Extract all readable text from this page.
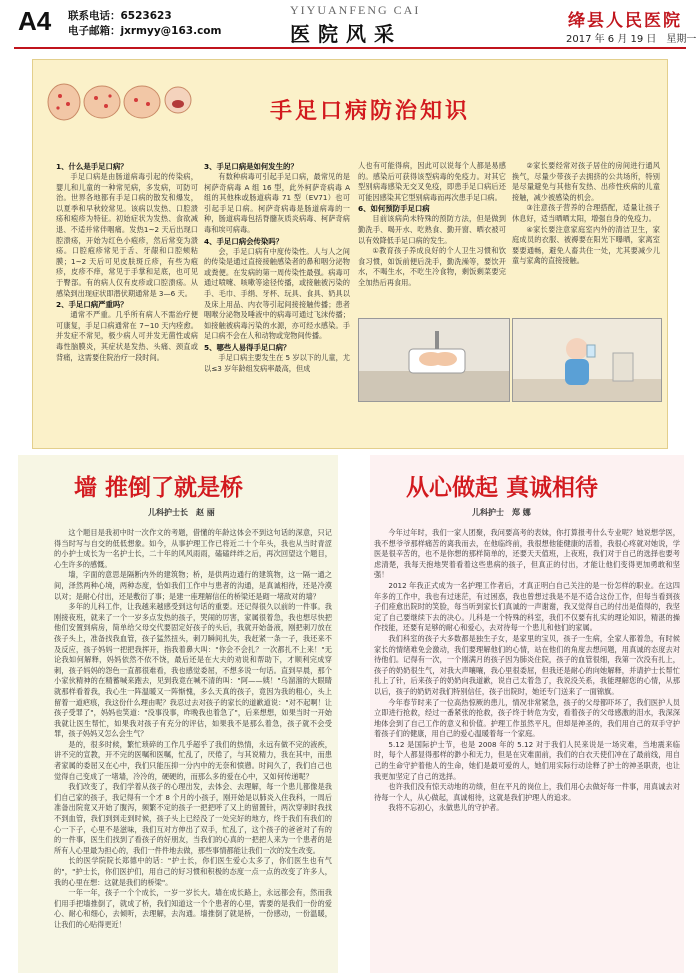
A4 联系电话：6523623
电子邮箱：jxrmyy@163.com
YIYUANFENG CAI
医院风采
绛县人民医院
2017 年 6 月 19 日　星期一
手足口病防治知识
1、什么是手足口病？

手足口病是由肠道病毒引起的传染病，婴儿和儿童的一种常见病，多发病，可防可治。世界各地都有手足口病的散发和爆发，以夏季和早秋较常见。该病以发热、口腔溃疡和疱疹为特征。初始症状为发热、食欲减退、不适并常伴咽痛。发热1~2 天后出现口腔溃疡，开始为红色小疱疹，然后常变为溃疡。口腔疱疹常见于舌、牙龈和口腔颊粘膜；1~2 天后可见皮肤斑丘疹，有些为疱疹，皮疹不痒，常见于手掌和足底，也可见于臀部。有的病人仅有皮疹或口腔溃疡。从感染到出现症状即潜伏期通常是 3—6 天。

2、手足口病严重吗？

通常不严重。几乎所有病人不需治疗便可康复，手足口病通常在 7~10 天内痊愈。并发症不常见，极少病人可并发无菌性或病毒性脑膜炎，其症状是发热、头痛、颈直或背痛，这需要住院治疗一段时间。

3、手足口病是如何发生的？

有数种病毒可引起手足口病，最常见的是柯萨奇病毒 A 组 16 型，此外柯萨奇病毒 A 组的其他株或肠道病毒 71 型（EV71）也可引起手足口病。柯萨奇病毒是肠道病毒的一种，肠道病毒包括脊髓灰质炎病毒、柯萨奇病毒和埃可病毒。

4、手足口病会传染吗？

会，手足口病有中度传染性。人与人之间的传染是通过直接接触感染者的鼻和咽分泌物或粪便。在发病的第一周传染性最强。病毒可通过喷嚏、咳嗽等途径传播，或接触被污染的手、毛巾、手绢、牙杯、玩具、食具、奶具以及床上用品、内衣等引起间接接触传播；患者咽喉分泌物及唾液中的病毒可通过飞沫传播；如接触被病毒污染的水源，亦可经水感染。手足口病不会在人和动物或宠物间传播。

5、哪些人易得手足口病？

手足口病主要发生在 5 岁以下的儿童，尤以≤3 岁年龄组发病率最高，但成

人也有可能得病，因此可以说每个人都是易感的。感染后可获得该型病毒的免疫力。对其它型别病毒感染无交叉免疫，即患手足口病后还可能因感染其它型别病毒而再次患手足口病。

6、如何预防手足口病

目前该病尚未特殊的预防方法，但是做到勤洗手、喝开水、吃熟食、勤开窗、晒衣被可以有效降低手足口病的发生。

①教育孩子养成良好的个人卫生习惯和饮食习惯，如饭前便后洗手，勤洗澡等，要饮开水，不喝生水，不吃生冷食物，剩饭剩菜要完全加热后再食用。

②家长要经常对孩子居住的房间进行通风换气，尽量少带孩子去拥挤的公共场所，特别是尽量避免与其他有发热、出疹性疾病的儿童接触，减少被感染的机会。

③注意孩子营养的合理搭配，适量让孩子休息好，适当晒晒太阳，增强自身的免疫力。

④家长要注意家庭室内外的清洁卫生，家庭成员的衣服、被褥要在阳光下曝晒，家离室要要通畅，避免人畜共住一处，尤其要减少儿童与家禽的直接接触。

墙 推倒了就是桥
儿科护士长　赵 丽

这个题目是我初中时一次作文的考题，借懂的年龄这体会不到这句话的深意，只记得当时写与自交的低低想象。如今，从事护理工作已将近二十个年头，我也从当时青涩的小护士成长为一名护士长，二十年的风风雨雨，磕磕绊绊之后，再次回望这个题目，心生许多的感慨。

墙，字面的意思是隔断内外的建筑物；桥，是供两边通行的建筑物，这一隔一通之间，泽然两种心境，两种态度，恰如我们工作中与患者的沟通，是真诚相待，还是冷漠以对；是耐心付出，还是敷衍了事；是建一座理解信任的桥梁还是砌一堵敌对的墙？

多年的儿科工作，让我越来越感受到这句话的重要。还记得很久以前的一件事。我刚接夜班，就来了一个一岁多点发热的孩子，哭闹的厉害，家属很着急，我也想尽快把他们安置到病房，简单给父母交代要固定好孩子的头后，我就开始备液，刚把刺刀放在孩子头上，准备找我血管，孩子猛然扭头，刺刀瞬间扎失，我赶紧一条一子，我还来不及反应，孩子妈妈一把把我挥开，指我着鼻大叫："你会不会扎？一次都扎不上来！"无论我如何解释，妈妈依然不依不饶，最后还是在大夫的劝说和帮助下，才顺利完成穿刺，孩子妈妈的怨色一直都很难看，我也感觉委屈，不想多说一句话。直到早晨，那个小家伙精神的在精蓄喊来跑去，见到我竟在喊不清的叫："阿——姨！"乌溜溜的大眼睛就那样看着我，我心生一阵温暖又一阵惭愧，多么天真的孩子，竟因为我的粗心，头上留着一道疤痕，我这份什么理由呢？我忍过去对孩子的家长的道歉道说："对不起啊！让孩子受罪了"，妈妈也笑道："没事没事，昨晚我也着急了"，后来想想，如果当时一开始我就让医生帮忙，如果我对孩子有充分的评估，如果我不是那么着急，孩子就不会受罪，孩子妈妈又怎么会生气？

是的，很多时候，繁忙琐碎的工作几乎超乎了我们的热情，永远有做不完的液疾，讲不完的宣教，开不完的医嘱和医嘱，忙乱了，厌倦了，与其说精力，我在其中，而患者家属的委屈又在心中，我们只能压抑一分内中的无奈和愤懑。时间久了，我们自己也觉得自己变成了一堵墙，冷冷的，硬硬的，而那么多的爱在心中，又如何传递呢？

我们改变了，我们学着从孩子的心理出发，去体会、去理解，每一个患儿都像是我们自己家的孩子，我记得有一个才 8 个月的小孩子，刚开始是以肺炎入住我科，一周后准备出院竟又开始了腹泻，频繁不定的孩子一把把呼了又上的留置针，两次穿刺时我找不到血管，我们到到走到时候，孩子头上已经没了一处完好的地方，终于我们有我们的心一下子，心里不是滋味，我们互对方伸出了双手，忙乱了，这个孩子的爸爸对了有的的一件事，医生们找到了看孩子的好朋友，当我们的心真的一把把人来为一个患者的是所有人心里最为担心的，我们一件件地去做，那些事情都能让我们一次的发生改变。

长的医学院院长郑德中的话："护士长，你们医生爱心太多了，你们医生也有气的"，"护士长，你们医护们，用自己的好习惯和积极的态度一点一点的改变了许多人，我的心里在想：这就是我们的桥梁"。

一年一年，孩子一个个成长，一岁一岁长大。墙在成长路上，永远都会有，然而我们用手把墙推倒了，就成了桥，我们知道这一个个患者的心里，需要的是我们一份的爱心、耐心和细心，去倾听，去理解，去沟通。墙推倒了就是桥，一份感动，一份温暖，让我们的心贴得更近！

从心做起 真诚相待
儿科护士　郑 娜

今年过年时，我们一家人团聚，我问要高考的表妹，你打算报考什么专业呢？她说想学医，我不想爷爷那样痛苦的离我而去，在他临终前，我很想他能健康的活着，我很心疼就对她说，学医是很辛苦的，也不是你想的那样简单的，还要天天值班，上夜班，我们对于自己的选择也要考虑清楚，我每天抱地哭着看着这些患病的孩子，但真正的付出，才能让他们变得更加勇敢和坚强！

2012 年我正式成为一名护理工作者后，才真正明白自己关注的是一份怎样的职业。在这四年多的工作中，我也有过迷茫，有过困惑，我也曾想过我是不是不适合这份工作，但每当看到孩子们痊愈出院时的笑脸，每当听到家长们真诚的一声谢谢，我又觉得自己的付出是值得的，我坚定了自己要继续下去的决心。儿科是一个特殊的科室，我们不仅要有扎实的理论知识，精湛的操作技能，还要有足够的耐心和爱心，去对待每一个患儿和他们的家属。

我们科室的孩子大多数都是独生子女，是家里的宝贝，孩子一生病，全家人都着急，有时候家长的情绪难免会激动，我们要理解他们的心情，站在他们的角度去想问题，用真诚的态度去对待他们。记得有一次，一个刚满月的孩子因为肺炎住院，孩子的血管很细，我第一次没有扎上，孩子的奶奶很生气，对我大声嚷嚷，我心里很委屈，但我还是耐心的向她解释，并请护士长帮忙扎上了针，后来孩子的奶奶向我道歉，说自己太着急了，我说没关系，我能理解您的心情，从那以后，孩子的奶奶对我们特别信任，孩子出院时，她还专门送来了一面锦旗。

今年春节时来了一位高热惊厥的患儿，情况非常紧急，孩子的父母都吓坏了，我们医护人员立即进行抢救，经过一番紧张的抢救，孩子终于转危为安，看着孩子的父母感激的泪水，我深深地体会到了自己工作的意义和价值。护理工作虽然平凡，但却是神圣的，我们用自己的双手守护着孩子们的健康，用自己的爱心温暖着每一个家庭。

5.12 是国际护士节，也是 2008 年的 5.12 对于我们人民来说是一场灾难，当地震来临时，每个人都显得那样的渺小和无力，但是在灾难面前，我们的白衣天使们冲在了最前线，用自己的生命守护着他人的生命，她们是最可爱的人，她们用实际行动诠释了护士的神圣职责，也让我更加坚定了自己的选择。

也许我们没有惊天动地的功绩，但在平凡的岗位上，我们用心去做好每一件事，用真诚去对待每一个人，从心做起，真诚相待，这就是我们护理人的追求。

我将不忘初心，永做患儿的守护者。
